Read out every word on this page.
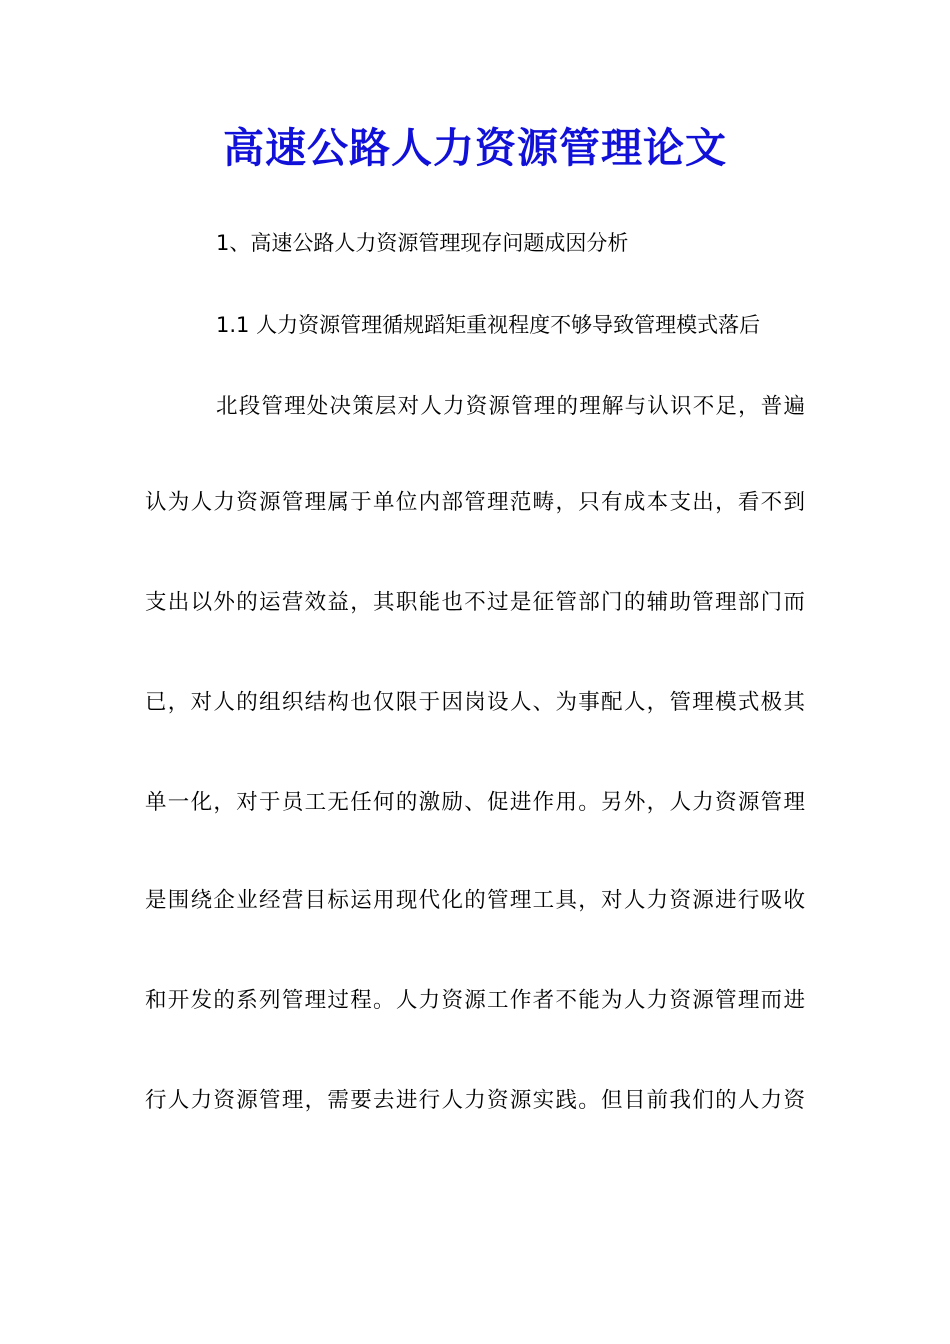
高速公路人力资源管理论文
1、高速公路人力资源管理现存问题成因分析
1.1 人力资源管理循规蹈矩重视程度不够导致管理模式落后
北段管理处决策层对人力资源管理的理解与认识不足，普遍
认为人力资源管理属于单位内部管理范畴，只有成本支出，看不到
支出以外的运营效益，其职能也不过是征管部门的辅助管理部门而
已，对人的组织结构也仅限于因岗设人、为事配人，管理模式极其
单一化，对于员工无任何的激励、促进作用。另外，人力资源管理
是围绕企业经营目标运用现代化的管理工具，对人力资源进行吸收
和开发的系列管理过程。人力资源工作者不能为人力资源管理而进
行人力资源管理，需要去进行人力资源实践。但目前我们的人力资
